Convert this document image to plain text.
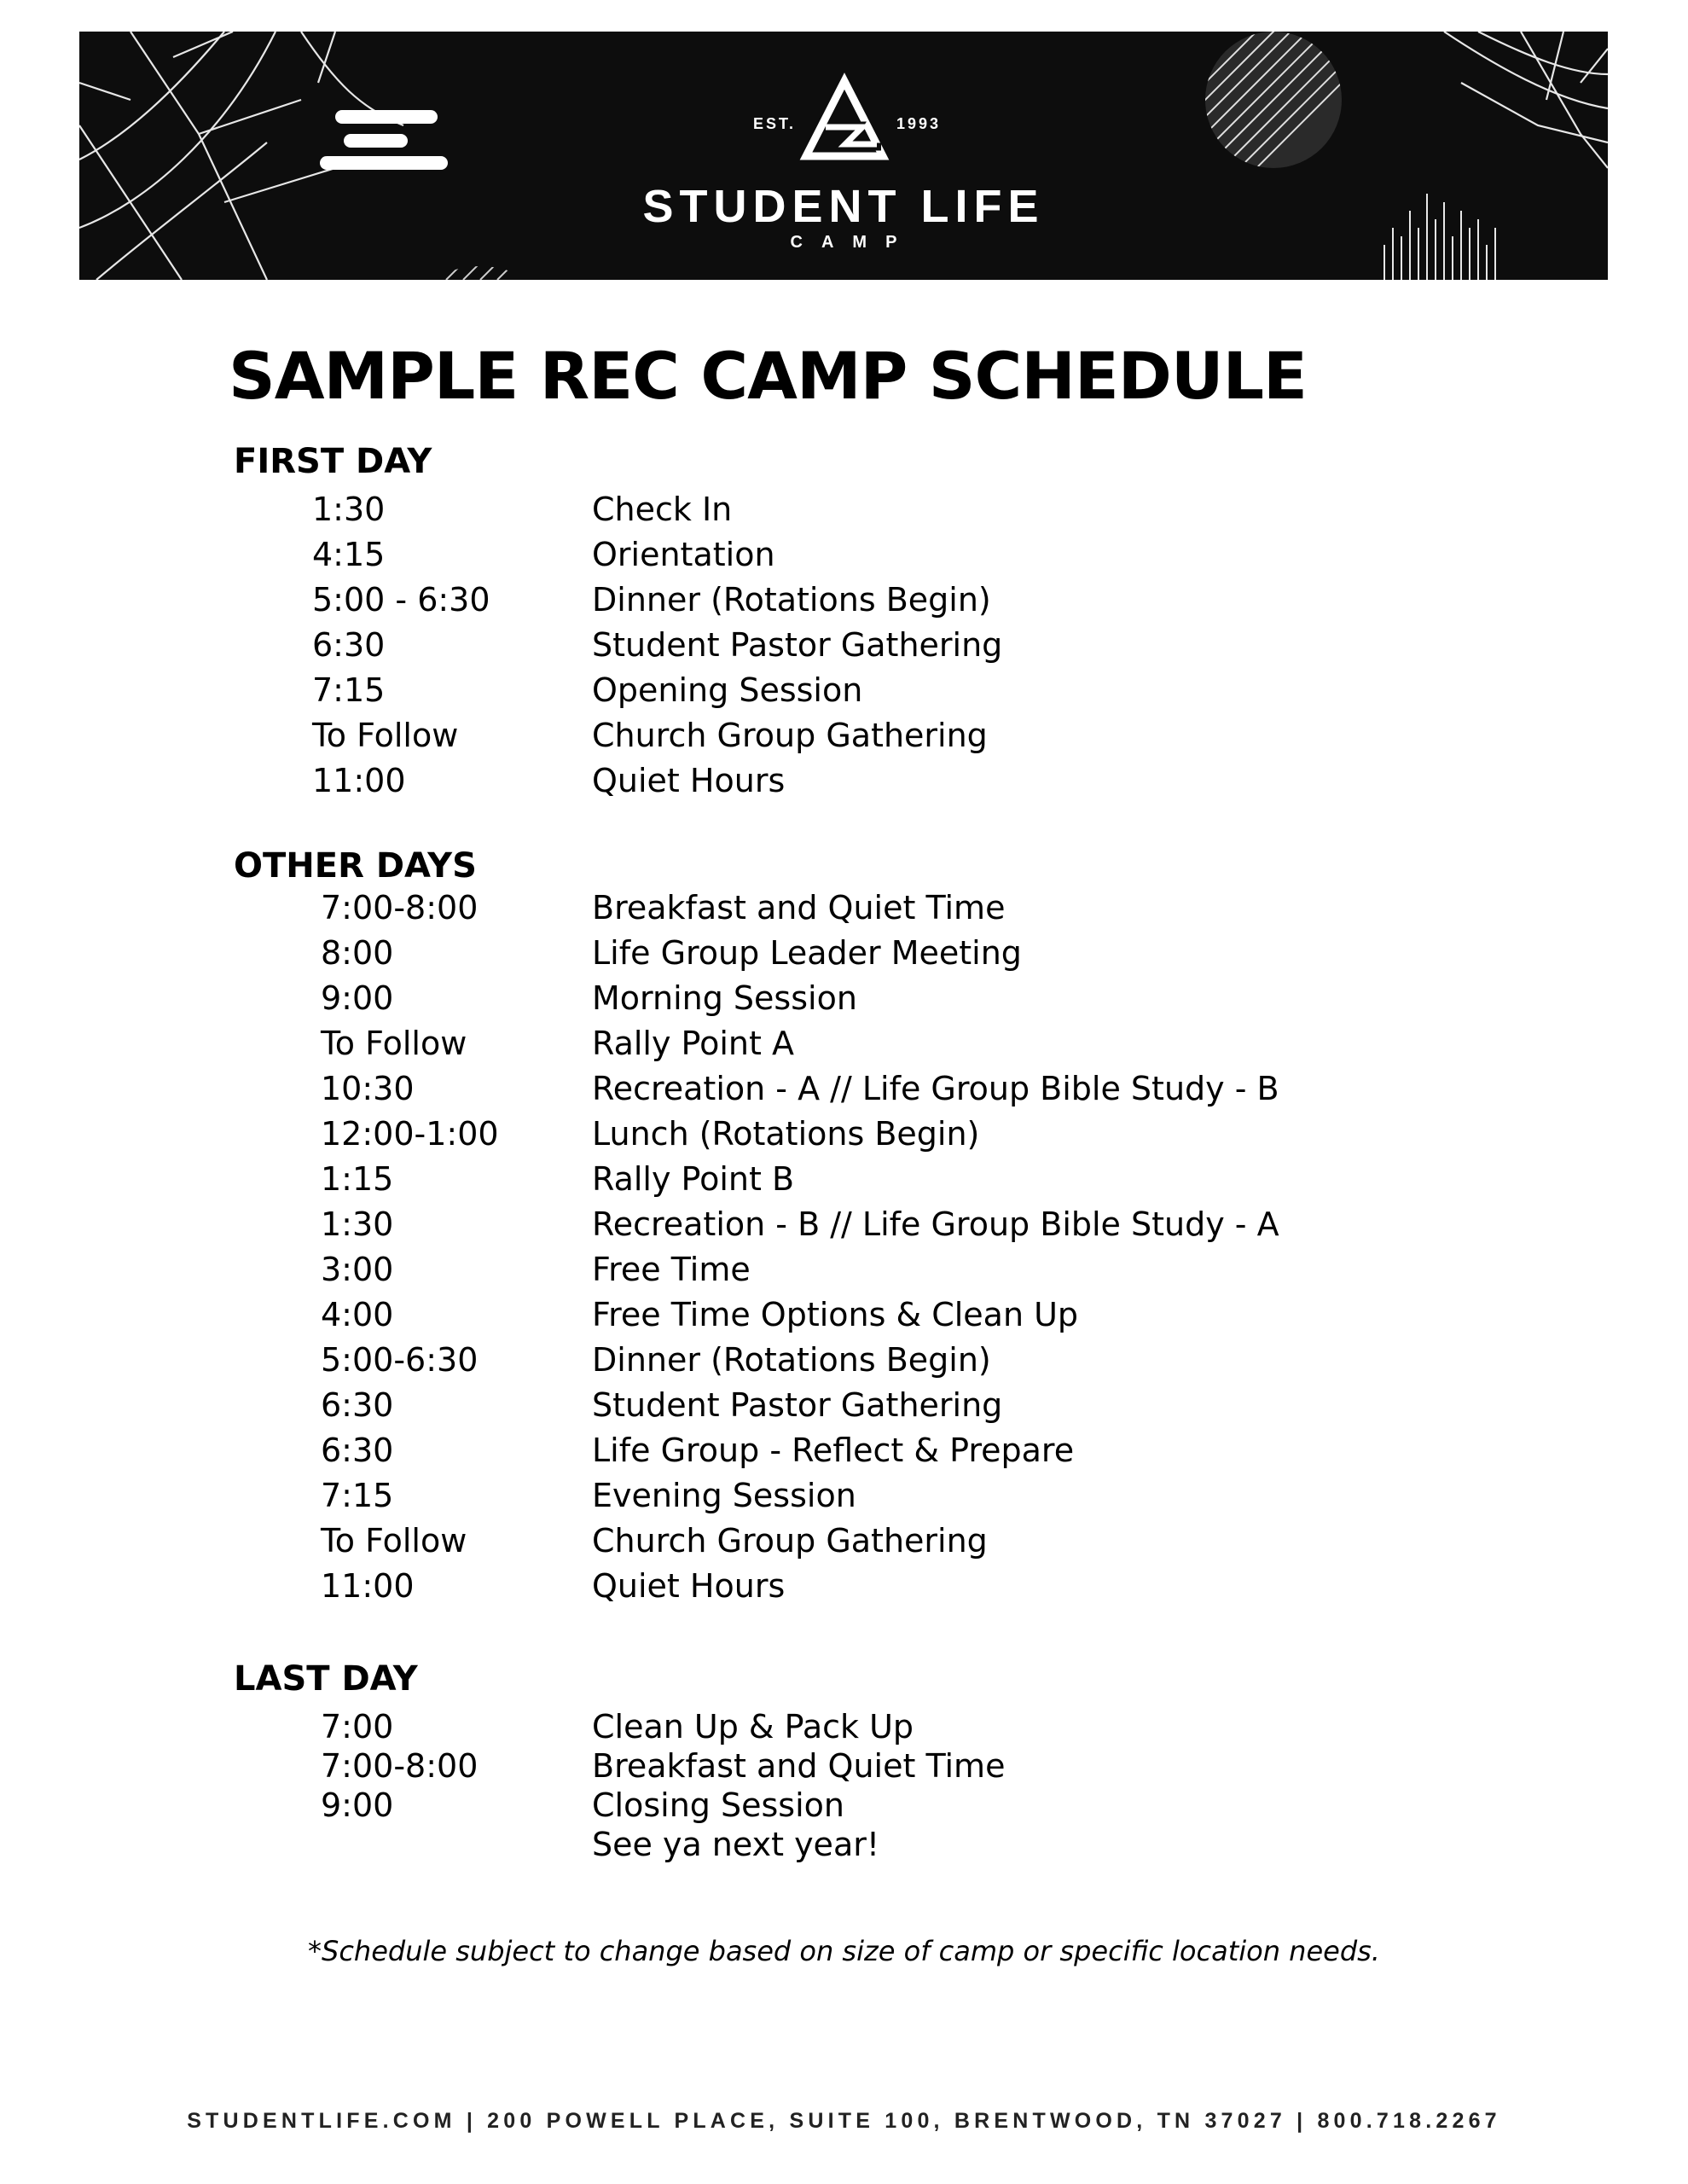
EST.	1993
STUDENT LIFE
CAMP
SAMPLE REC CAMP SCHEDULE
FIRST DAY
1:30	Check In
4:15	Orientation
5:00 - 6:30	Dinner (Rotations Begin)
6:30	Student Pastor Gathering
7:15	Opening Session
To Follow	Church Group Gathering
11:00	Quiet Hours
OTHER DAYS
7:00-8:00	Breakfast and Quiet Time
8:00	Life Group Leader Meeting
9:00	Morning Session
To Follow	Rally Point A
10:30	Recreation - A // Life Group Bible Study - B
12:00-1:00	Lunch (Rotations Begin)
1:15	Rally Point B
1:30	Recreation - B // Life Group Bible Study - A
3:00	Free Time
4:00	Free Time Options & Clean Up
5:00-6:30	Dinner (Rotations Begin)
6:30	Student Pastor Gathering
6:30	Life Group - Reflect & Prepare
7:15	Evening Session
To Follow	Church Group Gathering
11:00	Quiet Hours
LAST DAY
7:00	Clean Up & Pack Up
7:00-8:00	Breakfast and Quiet Time
9:00	Closing Session
See ya next year!
*Schedule subject to change based on size of camp or specific location needs.
STUDENTLIFE.COM | 200 POWELL PLACE, SUITE 100, BRENTWOOD, TN 37027 | 800.718.2267
